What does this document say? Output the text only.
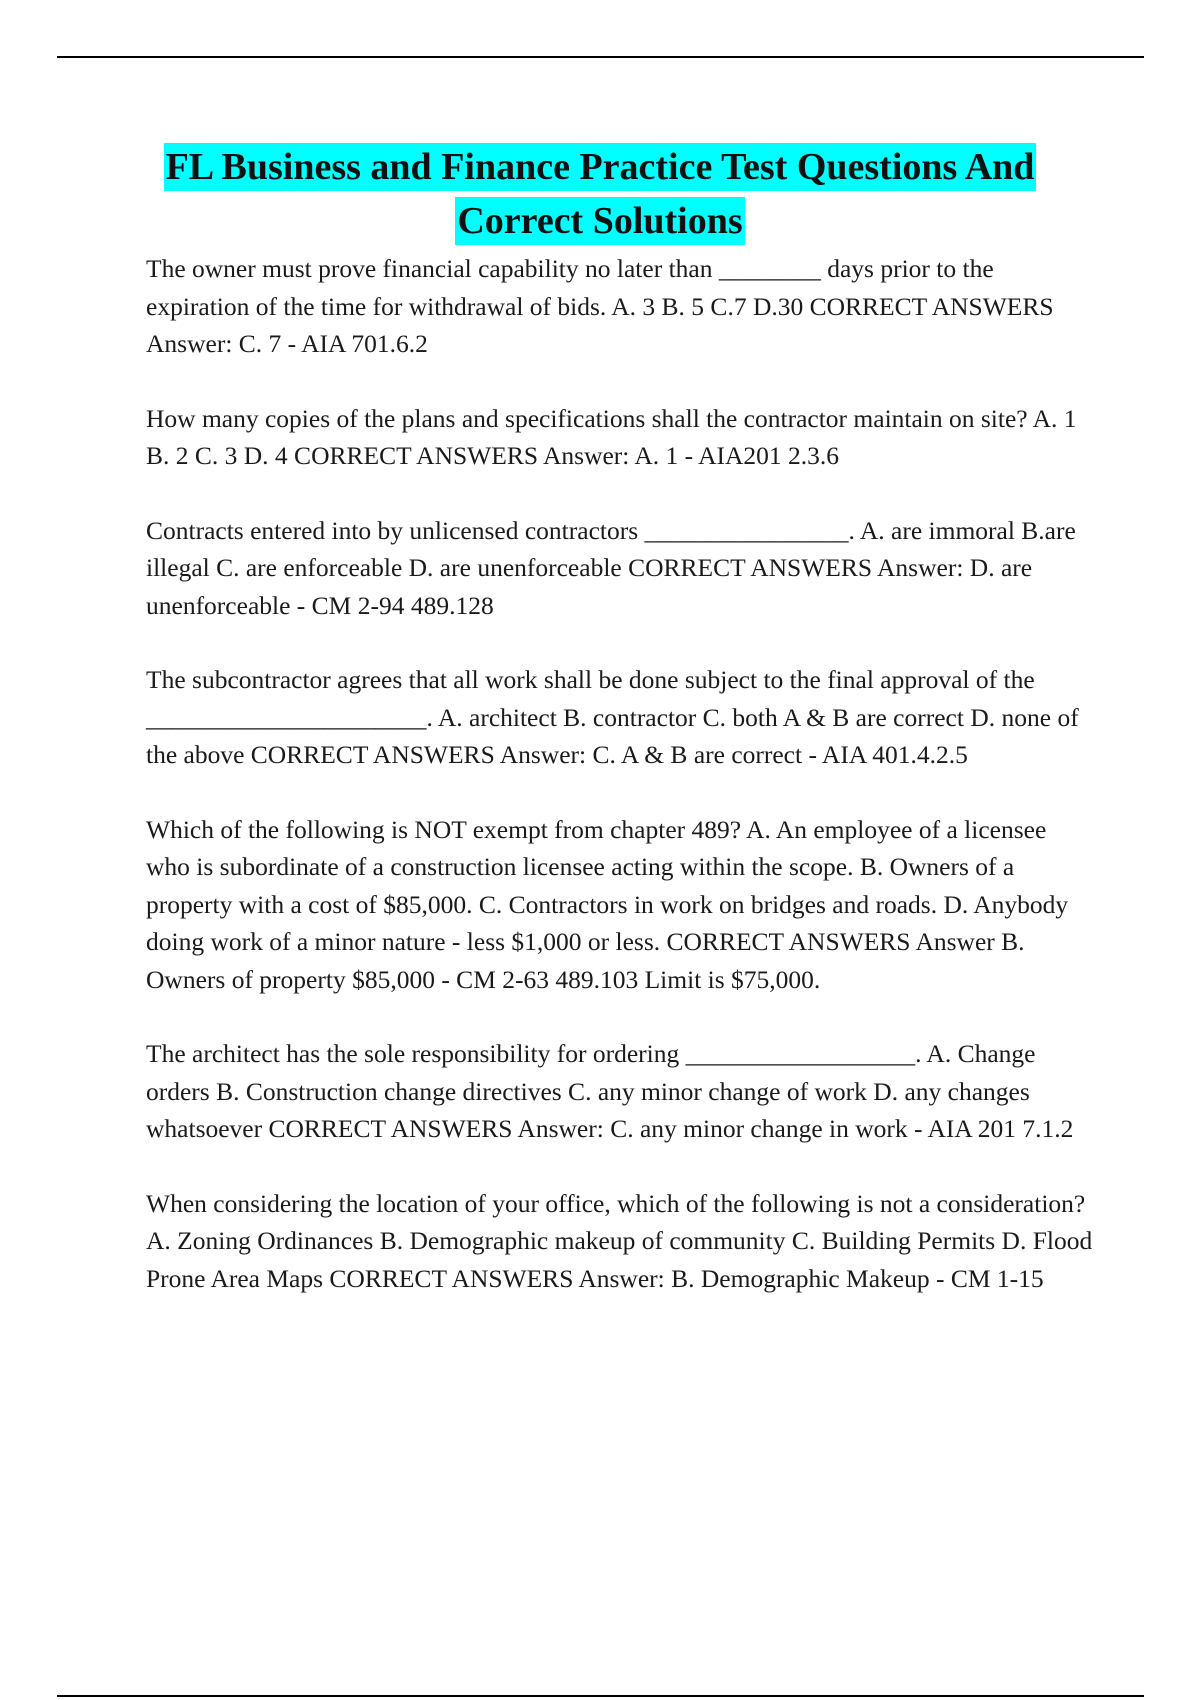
FL Business and Finance Practice Test Questions And
Correct Solutions

The owner must prove financial capability no later than ________ days prior to the expiration of the time for withdrawal of bids. A. 3 B. 5 C.7 D.30 CORRECT ANSWERS Answer: C. 7 - AIA 701.6.2

How many copies of the plans and specifications shall the contractor maintain on site? A. 1 B. 2 C. 3 D. 4 CORRECT ANSWERS Answer: A. 1 - AIA201 2.3.6

Contracts entered into by unlicensed contractors ________________. A. are immoral B.are illegal C. are enforceable D. are unenforceable CORRECT ANSWERS Answer: D. are unenforceable - CM 2-94 489.128

The subcontractor agrees that all work shall be done subject to the final approval of the ______________________. A. architect B. contractor C. both A & B are correct D. none of the above CORRECT ANSWERS Answer: C. A & B are correct - AIA 401.4.2.5

Which of the following is NOT exempt from chapter 489? A. An employee of a licensee who is subordinate of a construction licensee acting within the scope. B. Owners of a property with a cost of $85,000. C. Contractors in work on bridges and roads. D. Anybody doing work of a minor nature - less $1,000 or less. CORRECT ANSWERS Answer B. Owners of property $85,000 - CM 2-63 489.103 Limit is $75,000.

The architect has the sole responsibility for ordering __________________. A. Change orders B. Construction change directives C. any minor change of work D. any changes whatsoever CORRECT ANSWERS Answer: C. any minor change in work - AIA 201 7.1.2

When considering the location of your office, which of the following is not a consideration? A. Zoning Ordinances B. Demographic makeup of community C. Building Permits D. Flood Prone Area Maps CORRECT ANSWERS Answer: B. Demographic Makeup - CM 1-15
